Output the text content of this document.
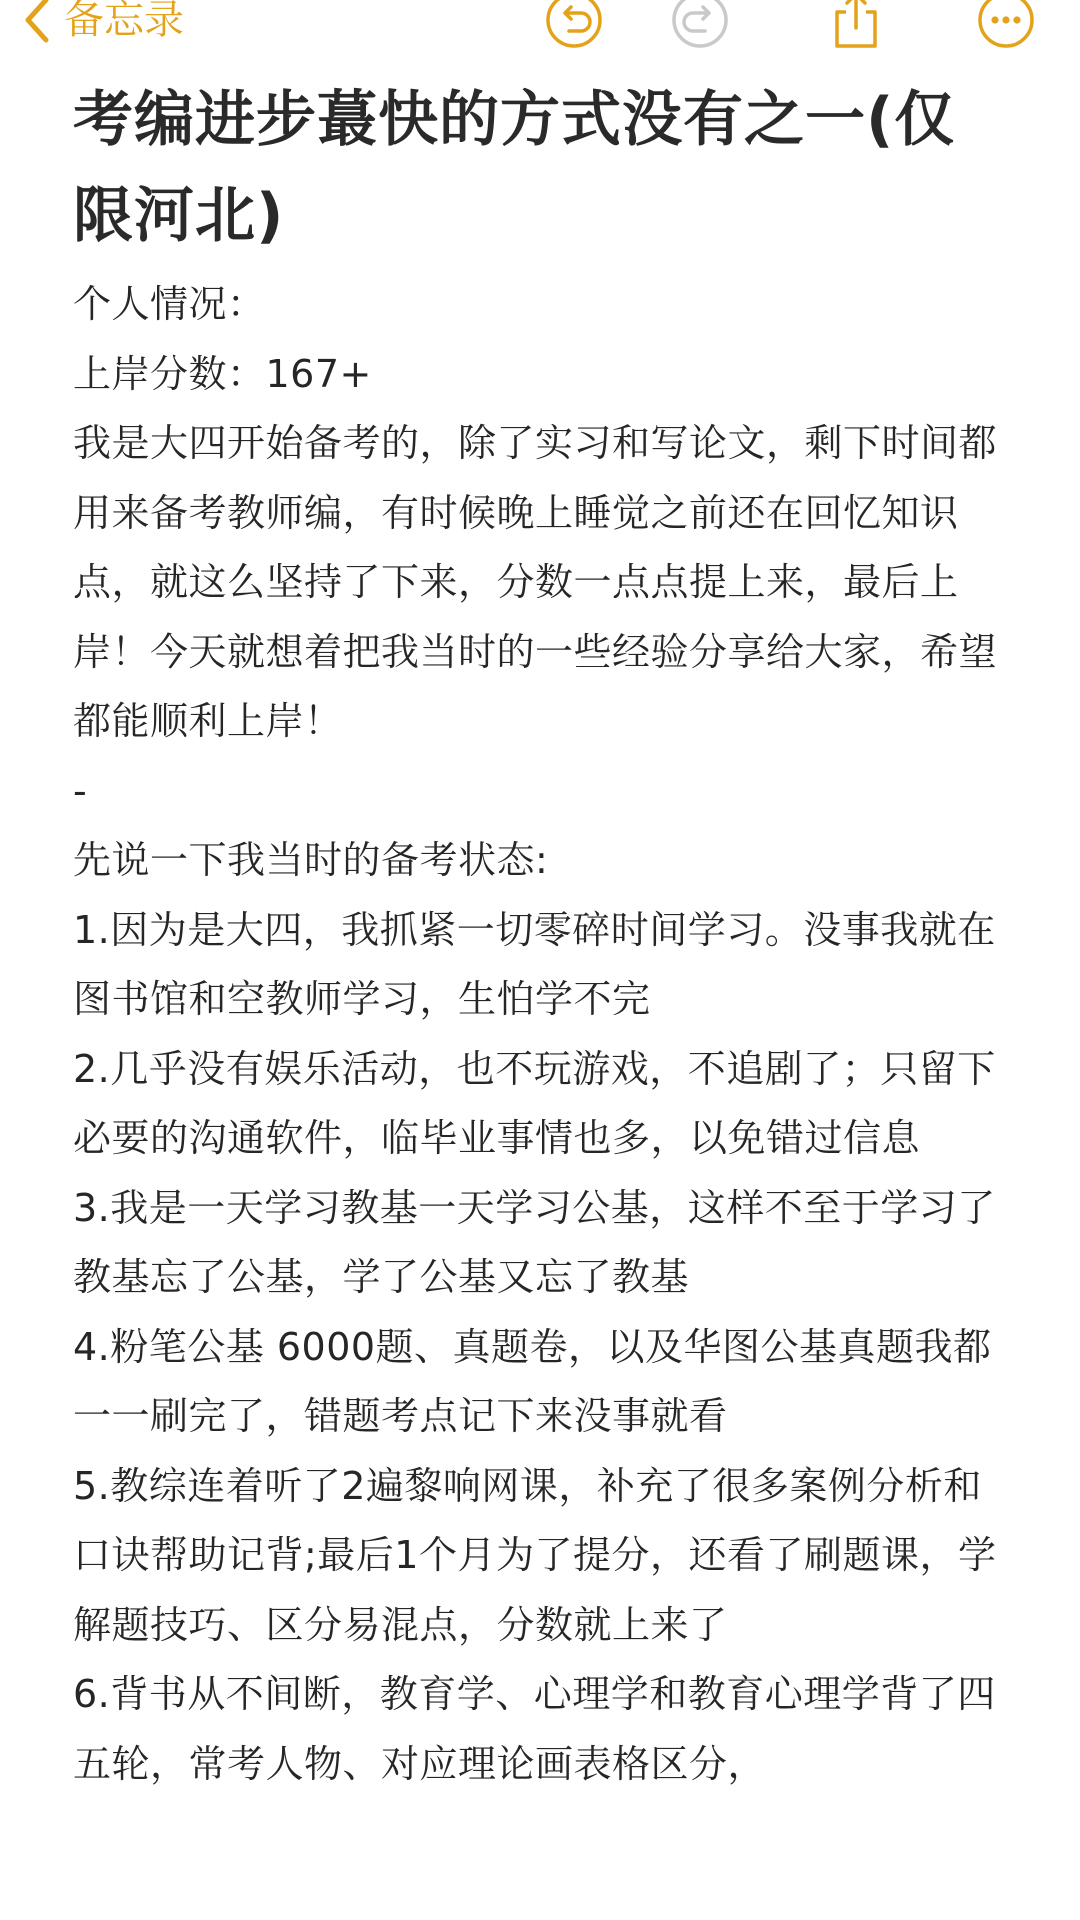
备忘录
考编进步蕞快的方式没有之一(仅限河北)
个人情况：
上岸分数：167+
我是大四开始备考的，除了实习和写论文，剩下时间都用来备考教师编，有时候晚上睡觉之前还在回忆知识点，就这么坚持了下来，分数一点点提上来，最后上岸！今天就想着把我当时的一些经验分享给大家，希望都能顺利上岸！
-
先说一下我当时的备考状态:
1.因为是大四，我抓紧一切零碎时间学习。没事我就在图书馆和空教师学习，生怕学不完
2.几乎没有娱乐活动，也不玩游戏，不追剧了；只留下必要的沟通软件，临毕业事情也多，以免错过信息
3.我是一天学习教基一天学习公基，这样不至于学习了教基忘了公基，学了公基又忘了教基
4.粉笔公基 6000题、真题卷，以及华图公基真题我都一一刷完了，错题考点记下来没事就看
5.教综连着听了2遍黎响网课，补充了很多案例分析和口诀帮助记背;最后1个月为了提分，还看了刷题课，学解题技巧、区分易混点，分数就上来了
6.背书从不间断，教育学、心理学和教育心理学背了四五轮，常考人物、对应理论画表格区分，
